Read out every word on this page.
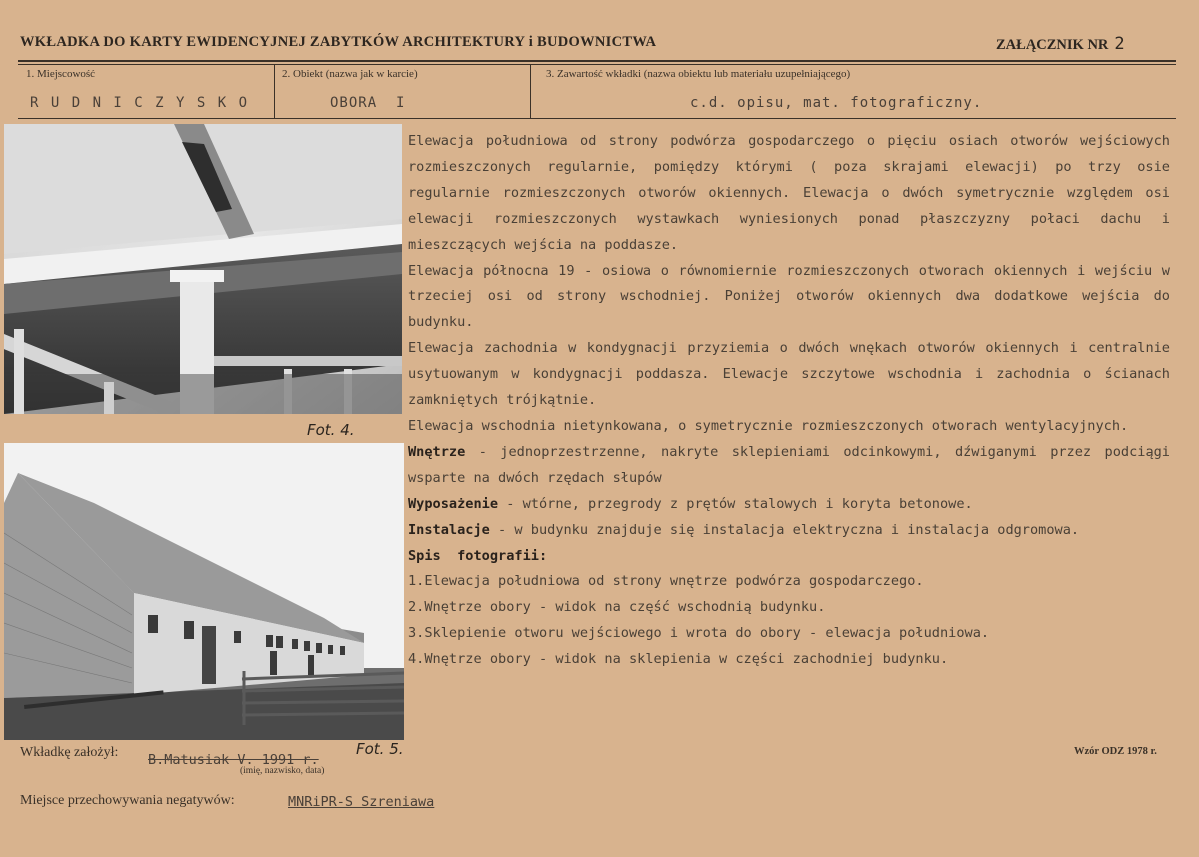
WKŁADKA DO KARTY EWIDENCYJNEJ ZABYTKÓW ARCHITEKTURY i BUDOWNICTWA	ZAŁĄCZNIK NR 2
1. Miejscowość	2. Obiekt (nazwa jak w karcie)	3. Zawartość wkładki (nazwa obiektu lub materiału uzupełniającego)
R U D N I C Z Y S K O	OBORA  I	c.d. opisu, mat. fotograficzny.
Fot. 4.
Fot. 5.

Elewacja południowa od strony podwórza gospodarczego o pięciu osiach otworów wejściowych rozmieszczonych regularnie, pomiędzy którymi ( poza skrajami elewacji) po trzy osie regularnie rozmieszczonych otworów okiennych. Elewacja o dwóch symetrycznie względem osi elewacji rozmieszczonych wystawkach wyniesionych ponad płaszczyzny połaci dachu i mieszczących wejścia na poddasze.

Elewacja północna 19 - osiowa o równomiernie rozmieszczonych otworach okiennych i wejściu w trzeciej osi od strony wschodniej. Poniżej otworów okiennych dwa dodatkowe wejścia do budynku.

Elewacja zachodnia w kondygnacji przyziemia o dwóch wnękach otworów okiennych i centralnie usytuowanym w kondygnacji poddasza. Elewacje szczytowe wschodnia i zachodnia o ścianach zamkniętych trójkątnie.

Elewacja wschodnia nietynkowana, o symetrycznie rozmieszczonych otworach wentylacyjnych.

Wnętrze - jednoprzestrzenne, nakryte sklepieniami odcinkowymi, dźwiganymi przez podciągi wsparte na dwóch rzędach słupów

Wyposażenie - wtórne, przegrody z prętów stalowych i koryta betonowe.

Instalacje - w budynku znajduje się instalacja elektryczna i instalacja odgromowa.

Spis  fotografii:

1.Elewacja południowa od strony wnętrze podwórza gospodarczego.

2.Wnętrze obory - widok na część wschodnią budynku.

3.Sklepienie otworu wejściowego i wrota do obory - elewacja południowa.

4.Wnętrze obory - widok na sklepienia w części zachodniej budynku.

Wkładkę założył: B.Matusiak V. 1991 r.
(imię, nazwisko, data)
Wzór ODZ 1978 r.
Miejsce przechowywania negatywów:	MNRiPR-S Szreniawa
